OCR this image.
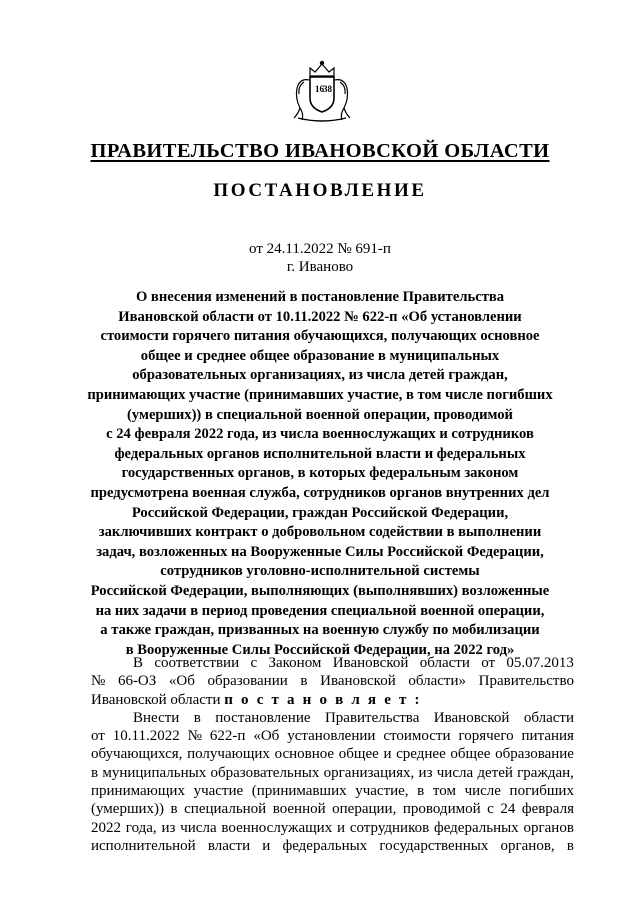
16 38
ПРАВИТЕЛЬСТВО ИВАНОВСКОЙ ОБЛАСТИ
ПОСТАНОВЛЕНИЕ
от 24.11.2022 № 691-п
г. Иваново
О внесения изменений в постановление Правительства
Ивановской области от 10.11.2022 № 622-п «Об установлении
стоимости горячего питания обучающихся, получающих основное
общее и среднее общее образование в муниципальных
образовательных организациях, из числа детей граждан,
принимающих участие (принимавших участие, в том числе погибших
(умерших)) в специальной военной операции, проводимой
с 24 февраля 2022 года, из числа военнослужащих и сотрудников
федеральных органов исполнительной власти и федеральных
государственных органов, в которых федеральным законом
предусмотрена военная служба, сотрудников органов внутренних дел
Российской Федерации, граждан Российской Федерации,
заключивших контракт о добровольном содействии в выполнении
задач, возложенных на Вооруженные Силы Российской Федерации,
сотрудников уголовно-исполнительной системы
Российской Федерации, выполняющих (выполнявших) возложенные
на них задачи в период проведения специальной военной операции,
а также граждан, призванных на военную службу по мобилизации
в Вооруженные Силы Российской Федерации, на 2022 год»
В соответствии с Законом Ивановской области от 05.07.2013
№ 66-ОЗ «Об образовании в Ивановской области» Правительство
Ивановской области п о с т а н о в л я е т :
Внести в постановление Правительства Ивановской области
от 10.11.2022 № 622-п «Об установлении стоимости горячего питания
обучающихся, получающих основное общее и среднее общее образование
в муниципальных образовательных организациях, из числа детей граждан,
принимающих участие (принимавших участие, в том числе погибших
(умерших)) в специальной военной операции, проводимой с 24 февраля
2022 года, из числа военнослужащих и сотрудников федеральных органов
исполнительной власти и федеральных государственных органов, в
